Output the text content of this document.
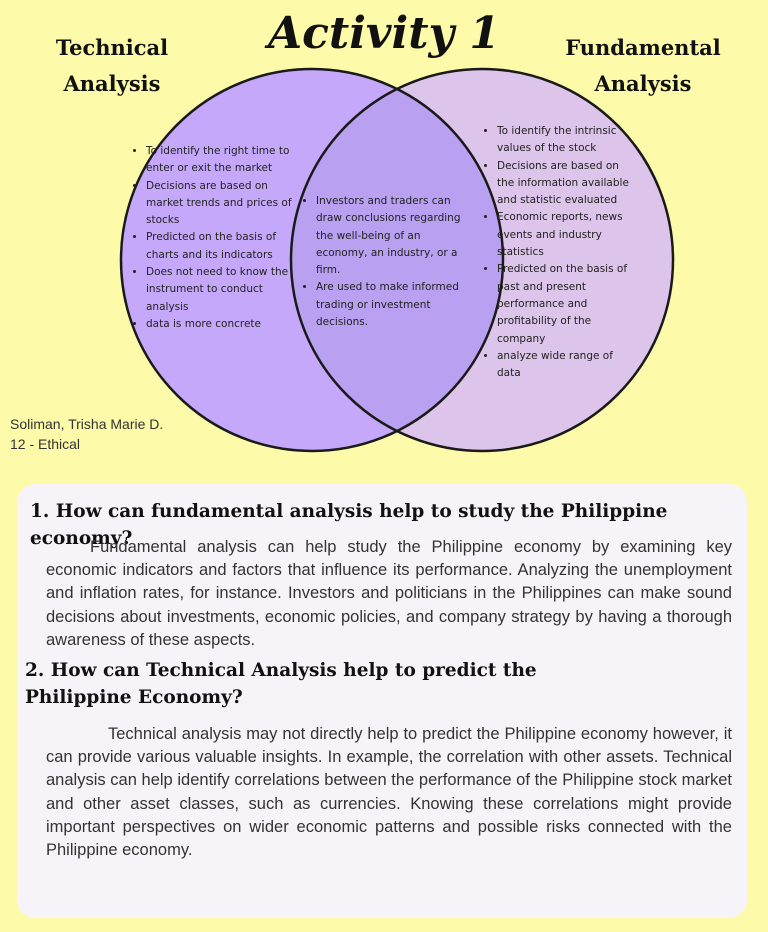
Activity 1
Technical
Analysis
Fundamental
Analysis
• To identify the right time to enter or exit the market
• Decisions are based on market trends and prices of stocks
• Predicted on the basis of charts and its indicators
• Does not need to know the instrument to conduct analysis
• data is more concrete
• Investors and traders can draw conclusions regarding the well-being of an economy, an industry, or a firm.
• Are used to make informed trading or investment decisions.
• To identify the intrinsic values of the stock
• Decisions are based on the information available and statistic evaluated
• Economic reports, news events and industry statistics
• Predicted on the basis of past and present performance and profitability of the company
• analyze wide range of data
Soliman, Trisha Marie D.
12 - Ethical
1. How can fundamental analysis help to study the Philippine economy?
Fundamental analysis can help study the Philippine economy by examining key economic indicators and factors that influence its performance. Analyzing the unemployment and inflation rates, for instance. Investors and politicians in the Philippines can make sound decisions about investments, economic policies, and company strategy by having a thorough awareness of these aspects.
2. How can Technical Analysis help to predict the Philippine Economy?
Technical analysis may not directly help to predict the Philippine economy however, it can provide various valuable insights. In example, the correlation with other assets. Technical analysis can help identify correlations between the performance of the Philippine stock market and other asset classes, such as currencies. Knowing these correlations might provide important perspectives on wider economic patterns and possible risks connected with the Philippine economy.
